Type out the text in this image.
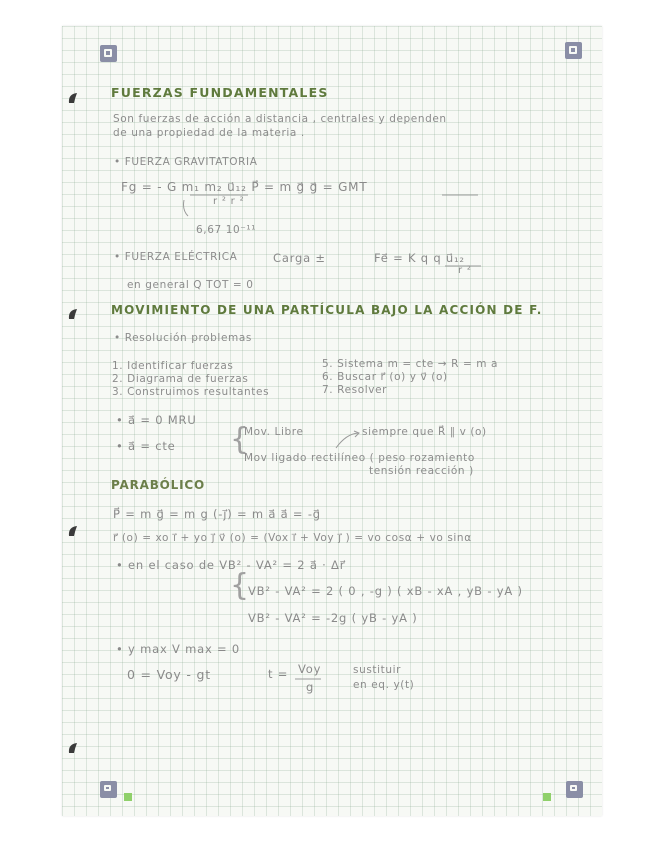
FUERZAS FUNDAMENTALES
Son fuerzas de acción a distancia , centrales y dependen
de una propiedad de la materia .
• FUERZA GRAVITATORIA
Fg = - G m₁ m₂ u⃗₁₂ P⃗ = m g⃗ g⃗ = GMT
r ² r ²
6,67 10⁻¹¹
• FUERZA ELÉCTRICA	Carga ±	Fe⃗ = K q q u⃗₁₂
r ²
en general Q TOT = 0
MOVIMIENTO DE UNA PARTÍCULA BAJO LA ACCIÓN DE F.
• Resolución problemas
1. Identificar fuerzas
2. Diagrama de fuerzas
3. Construimos resultantes
5. Sistema m = cte → R = m a
6. Buscar r⃗ (o) y v⃗ (o)
7. Resolver
• a⃗ = 0 MRU
• a⃗ = cte {
Mov. Libre	siempre que R⃗ ∥ v (o)
Mov ligado rectilíneo ( peso rozamiento
tensión reacción )
PARABÓLICO
P⃗ = m g⃗ = m g (-j⃗) = m a⃗ a⃗ = -g⃗
r⃗ (o) = xo i⃗ + yo j⃗ v⃗ (o) = (Vox i⃗ + Voy j⃗ ) = vo cosα + vo sinα
• en el caso de VB² - VA² = 2 a⃗ · Δr⃗
{
VB² - VA² = 2 ( 0 , -g ) ( xB - xA , yB - yA )
VB² - VA² = -2g ( yB - yA )
• y max V max = 0
0 = Voy - gt	t = Voy
g
sustituir
en eq. y(t)
